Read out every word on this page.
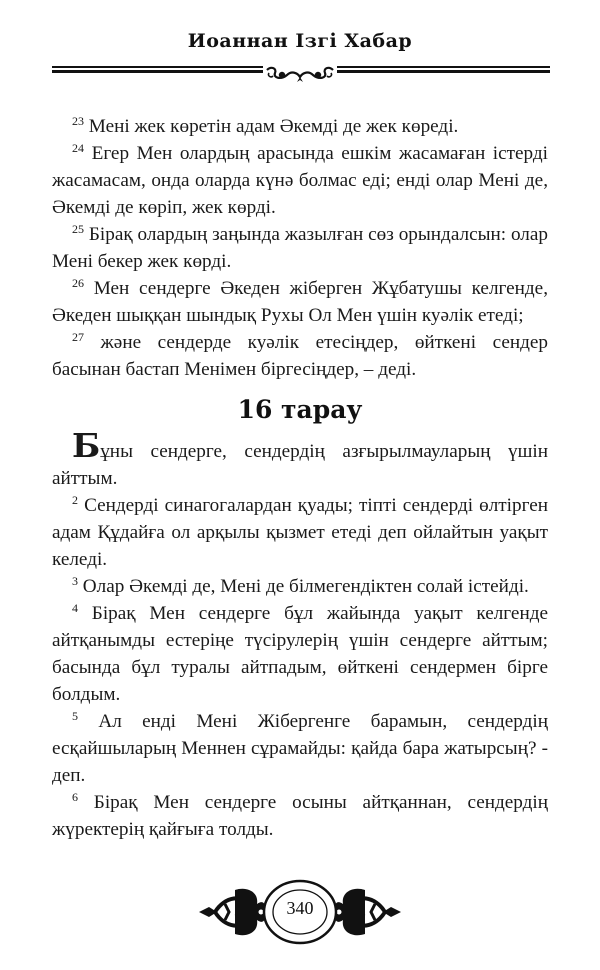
Иоаннан Ізгі Хабар

$^{23}$ Мені жек көретін адам Әкемді де жек көреді.

$^{24}$ Егер Мен олардың арасында ешкім жасамаған істерді жасамасам, онда оларда күнә болмас еді; енді олар Мені де, Әкемді де көріп, жек көрді.

$^{25}$ Бірақ олардың заңында жазылған сөз орындалсын: олар Мені бекер жек көрді.

$^{26}$ Мен сендерге Әкеден жіберген Жұбатушы келгенде, Әкеден шыққан шындық Рухы Ол Мен үшін куәлік етеді;

$^{27}$ және сендерде куәлік етесіңдер, өйткені сендер басынан бастап Менімен біргесіңдер, – деді.

16 тарау

Бұны сендерге, сендердің азғырылмауларың үшін айттым.

$^2$ Сендерді синагогалардан қуады; тіпті сендерді өлтірген адам Құдайға ол арқылы қызмет етеді деп ойлайтын уақыт келеді.

$^3$ Олар Әкемді де, Мені де білмегендіктен солай істейді.

$^4$ Бірақ Мен сендерге бұл жайында уақыт келгенде айтқанымды естеріңе түсірулерің үшін сендерге айттым; басында бұл туралы айтпадым, өйткені сендермен бірге болдым.

$^5$ Ал енді Мені Жібергенге барамын, сендердің есқайшыларың Меннен сұрамайды: қайда бара жатырсың? - деп.

$^6$ Бірақ Мен сендерге осыны айтқаннан, сендердің жүректерің қайғыға толды.

340
